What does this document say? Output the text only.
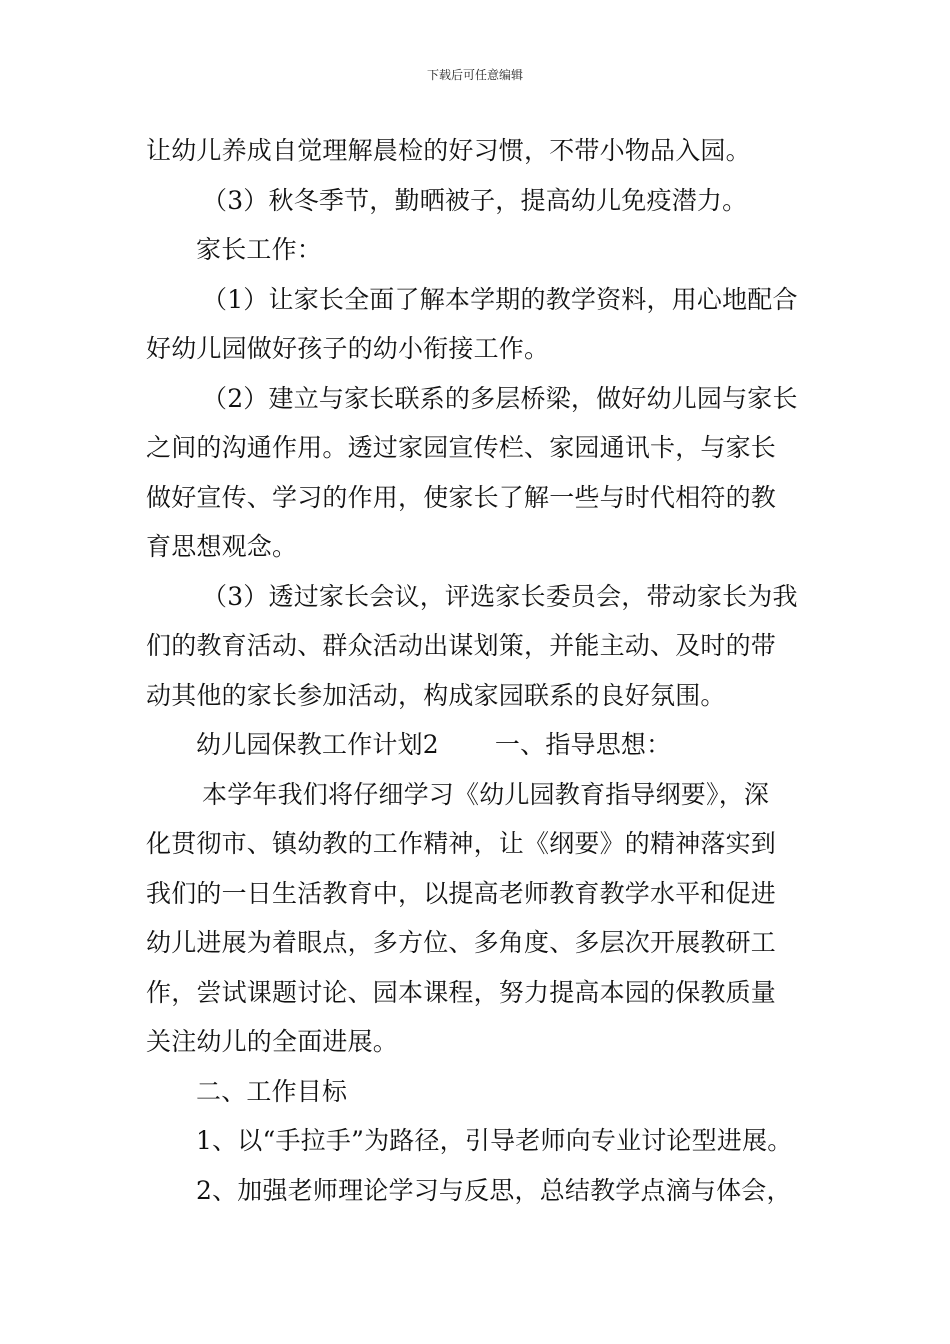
下载后可任意编辑
让幼儿养成自觉理解晨检的好习惯，不带小物品入园。
（3）秋冬季节，勤晒被子，提高幼儿免疫潜力。
家长工作：
（1）让家长全面了解本学期的教学资料，用心地配合
好幼儿园做好孩子的幼小衔接工作。
（2）建立与家长联系的多层桥梁，做好幼儿园与家长
之间的沟通作用。透过家园宣传栏、家园通讯卡，与家长
做好宣传、学习的作用，使家长了解一些与时代相符的教
育思想观念。
（3）透过家长会议，评选家长委员会，带动家长为我
们的教育活动、群众活动出谋划策，并能主动、及时的带
动其他的家长参加活动，构成家园联系的良好氛围。
幼儿园保教工作计划2 一、指导思想：
本学年我们将仔细学习《幼儿园教育指导纲要》，深
化贯彻市、镇幼教的工作精神，让《纲要》的精神落实到
我们的一日生活教育中，以提高老师教育教学水平和促进
幼儿进展为着眼点，多方位、多角度、多层次开展教研工
作，尝试课题讨论、园本课程，努力提高本园的保教质量
关注幼儿的全面进展。
二、工作目标
1、以“手拉手”为路径，引导老师向专业讨论型进展。
2、加强老师理论学习与反思，总结教学点滴与体会，
